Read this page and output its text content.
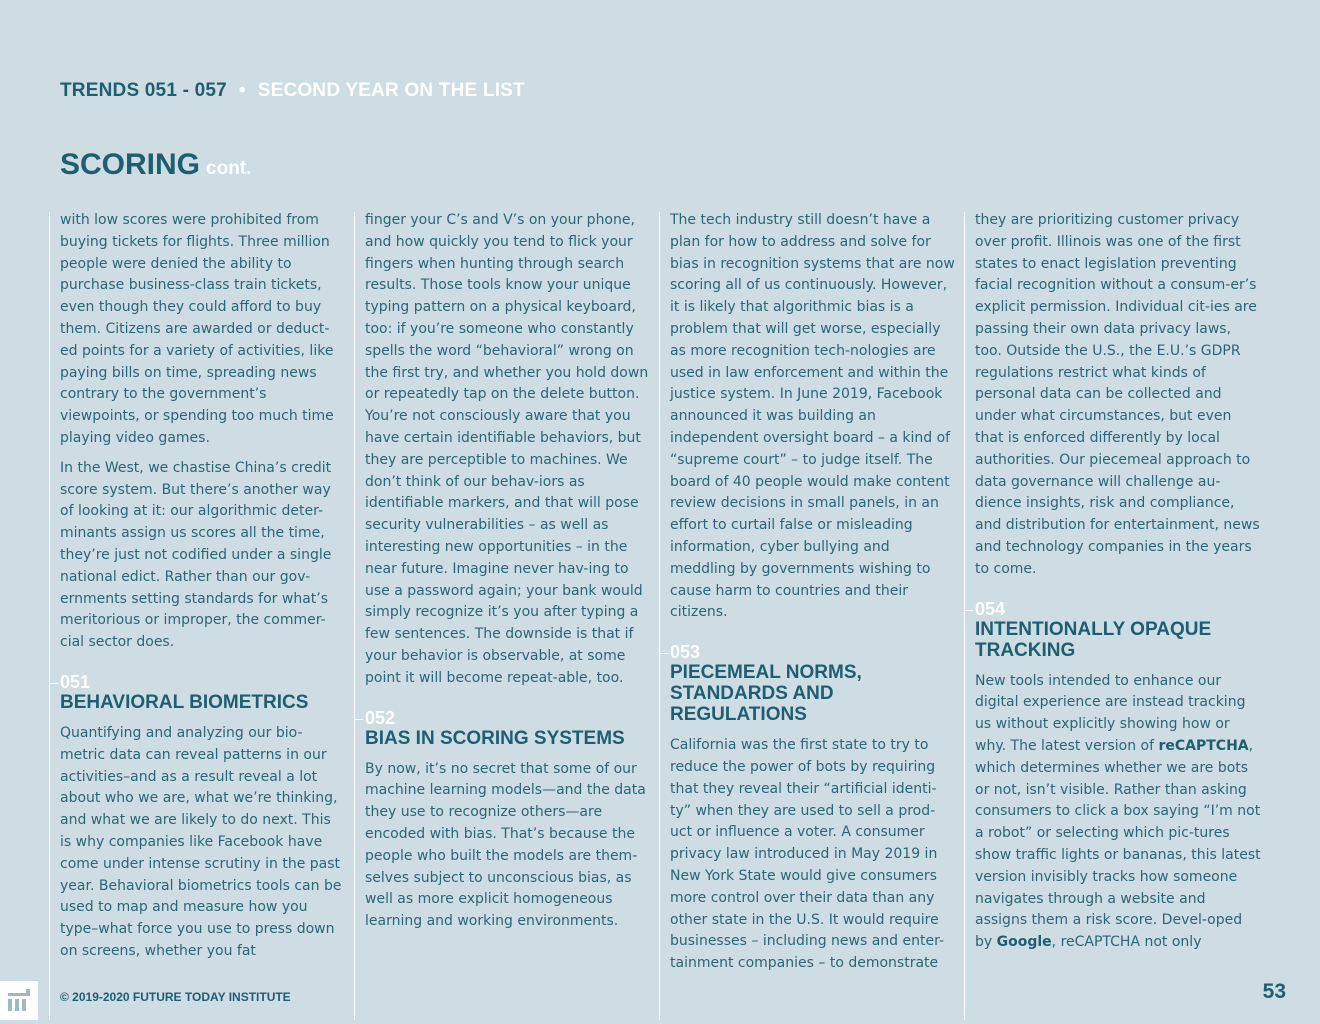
TRENDS 051 - 057 • SECOND YEAR ON THE LIST
SCORING cont.

with low scores were prohibited from buying tickets for flights. Three million people were denied the ability to purchase business-class train tickets, even though they could afford to buy them. Citizens are awarded or deduct-ed points for a variety of activities, like paying bills on time, spreading news contrary to the government’s viewpoints, or spending too much time playing video games.

In the West, we chastise China’s credit score system. But there’s another way of looking at it: our algorithmic deter-minants assign us scores all the time, they’re just not codified under a single national edict. Rather than our gov-ernments setting standards for what’s meritorious or improper, the commer-cial sector does.

051
BEHAVIORAL BIOMETRICS

Quantifying and analyzing our bio-metric data can reveal patterns in our activities–and as a result reveal a lot about who we are, what we’re thinking, and what we are likely to do next. This is why companies like Facebook have come under intense scrutiny in the past year. Behavioral biometrics tools can be used to map and measure how you type–what force you use to press down on screens, whether you fat

finger your C’s and V’s on your phone, and how quickly you tend to flick your fingers when hunting through search results. Those tools know your unique typing pattern on a physical keyboard, too: if you’re someone who constantly spells the word “behavioral” wrong on the first try, and whether you hold down or repeatedly tap on the delete button. You’re not consciously aware that you have certain identifiable behaviors, but they are perceptible to machines. We don’t think of our behav-iors as identifiable markers, and that will pose security vulnerabilities – as well as interesting new opportunities – in the near future. Imagine never hav-ing to use a password again; your bank would simply recognize it’s you after typing a few sentences. The downside is that if your behavior is observable, at some point it will become repeat-able, too.

052
BIAS IN SCORING SYSTEMS

By now, it’s no secret that some of our machine learning models—and the data they use to recognize others—are encoded with bias. That’s because the people who built the models are them-selves subject to unconscious bias, as well as more explicit homogeneous learning and working environments.

The tech industry still doesn’t have a plan for how to address and solve for bias in recognition systems that are now scoring all of us continuously. However, it is likely that algorithmic bias is a problem that will get worse, especially as more recognition tech-nologies are used in law enforcement and within the justice system. In June 2019, Facebook announced it was building an independent oversight board – a kind of “supreme court” – to judge itself. The board of 40 people would make content review decisions in small panels, in an effort to curtail false or misleading information, cyber bullying and meddling by governments wishing to cause harm to countries and their citizens.

053
PIECEMEAL NORMS, STANDARDS AND REGULATIONS

California was the first state to try to reduce the power of bots by requiring that they reveal their “artificial identi-ty” when they are used to sell a prod-uct or influence a voter. A consumer privacy law introduced in May 2019 in New York State would give consumers more control over their data than any other state in the U.S. It would require businesses – including news and enter-tainment companies – to demonstrate

they are prioritizing customer privacy over profit. Illinois was one of the first states to enact legislation preventing facial recognition without a consum-er’s explicit permission. Individual cit-ies are passing their own data privacy laws, too. Outside the U.S., the E.U.’s GDPR regulations restrict what kinds of personal data can be collected and under what circumstances, but even that is enforced differently by local authorities. Our piecemeal approach to data governance will challenge au-dience insights, risk and compliance, and distribution for entertainment, news and technology companies in the years to come.

054
INTENTIONALLY OPAQUE TRACKING

New tools intended to enhance our digital experience are instead tracking us without explicitly showing how or why. The latest version of reCAPTCHA, which determines whether we are bots or not, isn’t visible. Rather than asking consumers to click a box saying “I’m not a robot” or selecting which pic-tures show traffic lights or bananas, this latest version invisibly tracks how someone navigates through a website and assigns them a risk score. Devel-oped by Google, reCAPTCHA not only

© 2019-2020 FUTURE TODAY INSTITUTE	53
